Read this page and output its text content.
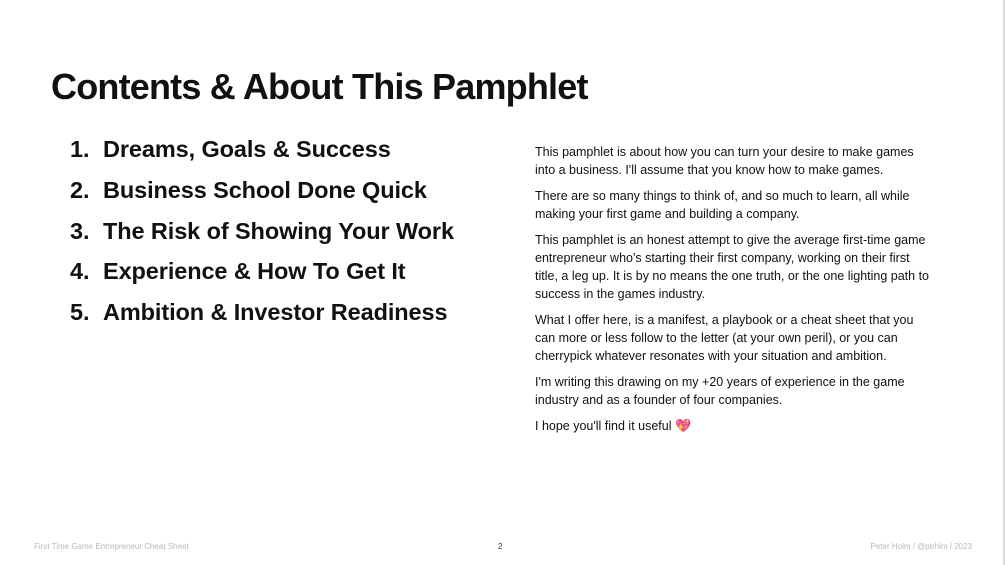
Contents & About This Pamphlet
1. Dreams, Goals & Success
2. Business School Done Quick
3. The Risk of Showing Your Work
4. Experience & How To Get It
5. Ambition & Investor Readiness

This pamphlet is about how you can turn your desire to make games into a business. I'll assume that you know how to make games.

There are so many things to think of, and so much to learn, all while making your first game and building a company.

This pamphlet is an honest attempt to give the average first-time game entrepreneur who's starting their first company, working on their first title, a leg up. It is by no means the one truth, or the one lighting path to success in the games industry.

What I offer here, is a manifest, a playbook or a cheat sheet that you can more or less follow to the letter (at your own peril), or you can cherrypick whatever resonates with your situation and ambition.

I'm writing this drawing on my +20 years of experience in the game industry and as a founder of four companies.

I hope you'll find it useful 💖

First Time Game Entrepreneur Cheat Sheet	2	Peter Holm / @ptrhlm / 2023
